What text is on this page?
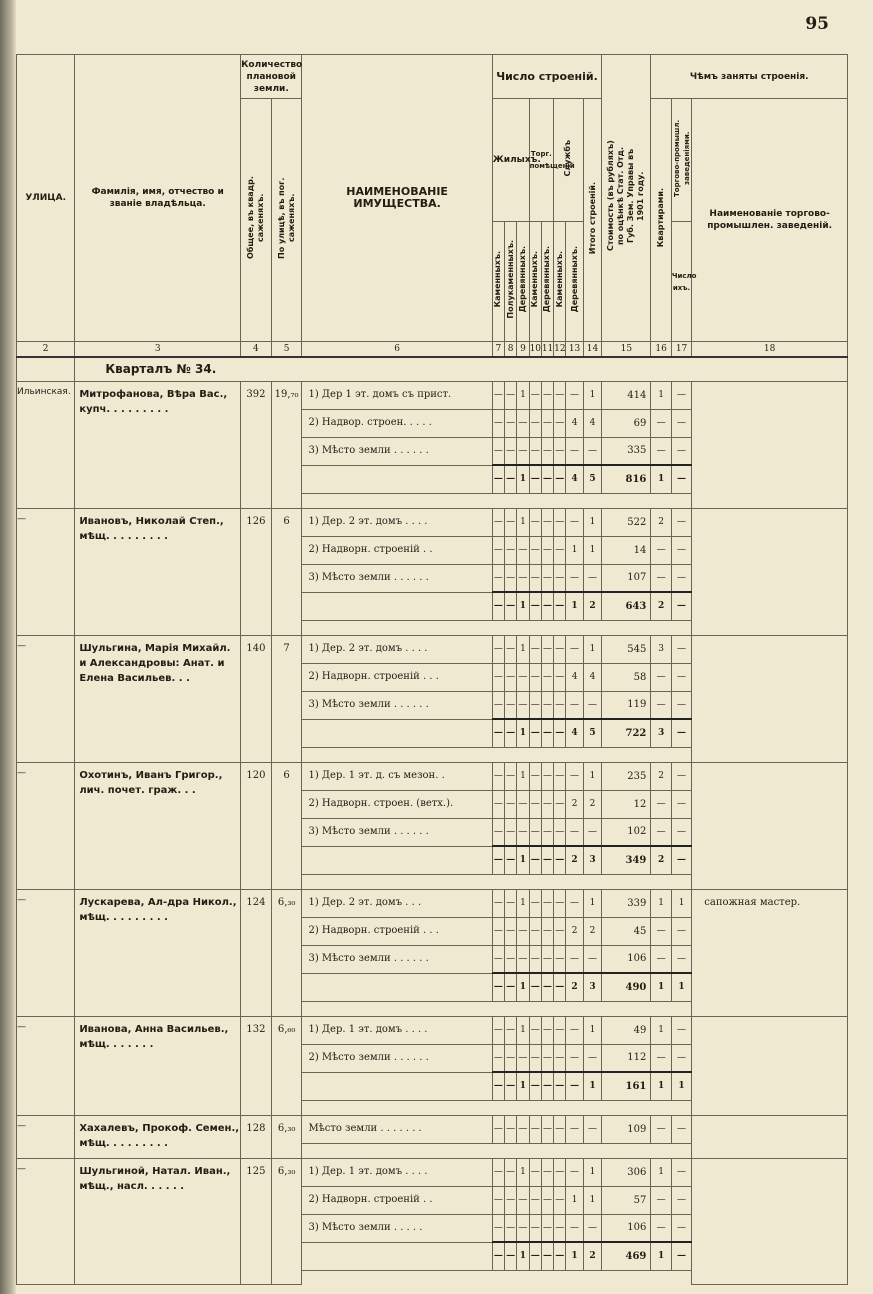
95
УЛИЦА.	Фамилія, имя, отчество и званіе владѣльца.	Количество плановой земли.		НАИМЕНОВАНІЕ ИМУЩЕСТВА.	Число строеній.								Стоимость (въ рубляхъ) по оцѣнкѣ Стат. Отд. Губ. Зем. Управы въ 1901 году.	Чѣмъ заняты строенія.		
		Общее, въ квадр. саженяхъ.	По улицѣ, въ пог. саженяхъ.		Жилыхъ.			Торг. помѣщеній		Службъ		Итого строеній.		Квартирами.	Торгово-промышл. заведеніями.	Наименованіе торгово-промышлен. заведеній.
					Каменныхъ.	Полукаменныхъ.	Деревянныхъ.	Каменныхъ.	Деревянныхъ.	Каменныхъ.	Деревянныхъ.				Число ихъ.	
2	3	4	5	6	7	8	9	10	11	12	13	14	15	16	17	18
	Кварталъ № 34.															
Ильинская.	Митрофанова, Вѣра Вас., купч. . . . . . . . .	392	19,₇₀	1) Дер 1 эт. домъ съ прист.	—	—	1	—	—	—	—	1	414	1	—	
				2) Надвор. строен. . . . .	—	—	—	—	—	—	4	4	69	—	—	
				3) Мѣсто земли . . . . . .	—	—	—	—	—	—	—	—	335	—	—	
					—	—	1	—	—	—	4	5	816	1	—	

—	Ивановъ, Николай Степ., мѣщ. . . . . . . . .	126	6	1) Дер. 2 эт. домъ . . . .	—	—	1	—	—	—	—	1	522	2	—	
				2) Надворн. строеній . .	—	—	—	—	—	—	1	1	14	—	—	
				3) Мѣсто земли . . . . . .	—	—	—	—	—	—	—	—	107	—	—	
					—	—	1	—	—	—	1	2	643	2	—	

—	Шульгина, Марія Михайл. и Александровы: Анат. и Елена Васильев. . .	140	7	1) Дер. 2 эт. домъ . . . .	—	—	1	—	—	—	—	1	545	3	—	
				2) Надворн. строеній . . .	—	—	—	—	—	—	4	4	58	—	—	
				3) Мѣсто земли . . . . . .	—	—	—	—	—	—	—	—	119	—	—	
					—	—	1	—	—	—	4	5	722	3	—	

—	Охотинъ, Иванъ Григор., лич. почет. граж. . .	120	6	1) Дер. 1 эт. д. съ мезон. .	—	—	1	—	—	—	—	1	235	2	—	
				2) Надворн. строен. (ветх.).	—	—	—	—	—	—	2	2	12	—	—	
				3) Мѣсто земли . . . . . .	—	—	—	—	—	—	—	—	102	—	—	
					—	—	1	—	—	—	2	3	349	2	—	

—	Лускарева, Ал-дра Никол., мѣщ. . . . . . . . .	124	6,₃₀	1) Дер. 2 эт. домъ . . .	—	—	1	—	—	—	—	1	339	1	1	сапожная мастер.
				2) Надворн. строеній . . .	—	—	—	—	—	—	2	2	45	—	—	
				3) Мѣсто земли . . . . . .	—	—	—	—	—	—	—	—	106	—	—	
					—	—	1	—	—	—	2	3	490	1	1	

—	Иванова, Анна Васильев., мѣщ. . . . . . .	132	6,₆₀	1) Дер. 1 эт. домъ . . . .	—	—	1	—	—	—	—	1	49	1	—	
				2) Мѣсто земли . . . . . .	—	—	—	—	—	—	—	—	112	—	—	
					—	—	1	—	—	—	—	1	161	1	1	

—	Хахалевъ, Прокоф. Семен., мѣщ. . . . . . . . .	128	6,₃₀	Мѣсто земли . . . . . . .	—	—	—	—	—	—	—	—	109	—	—	

—	Шульгиной, Натал. Иван., мѣщ., насл. . . . . .	125	6,₃₀	1) Дер. 1 эт. домъ . . . .	—	—	1	—	—	—	—	1	306	1	—	
				2) Надворн. строеній . .	—	—	—	—	—	—	1	1	57	—	—	
				3) Мѣсто земли . . . . .	—	—	—	—	—	—	—	—	106	—	—	
					—	—	1	—	—	—	1	2	469	1	—	
